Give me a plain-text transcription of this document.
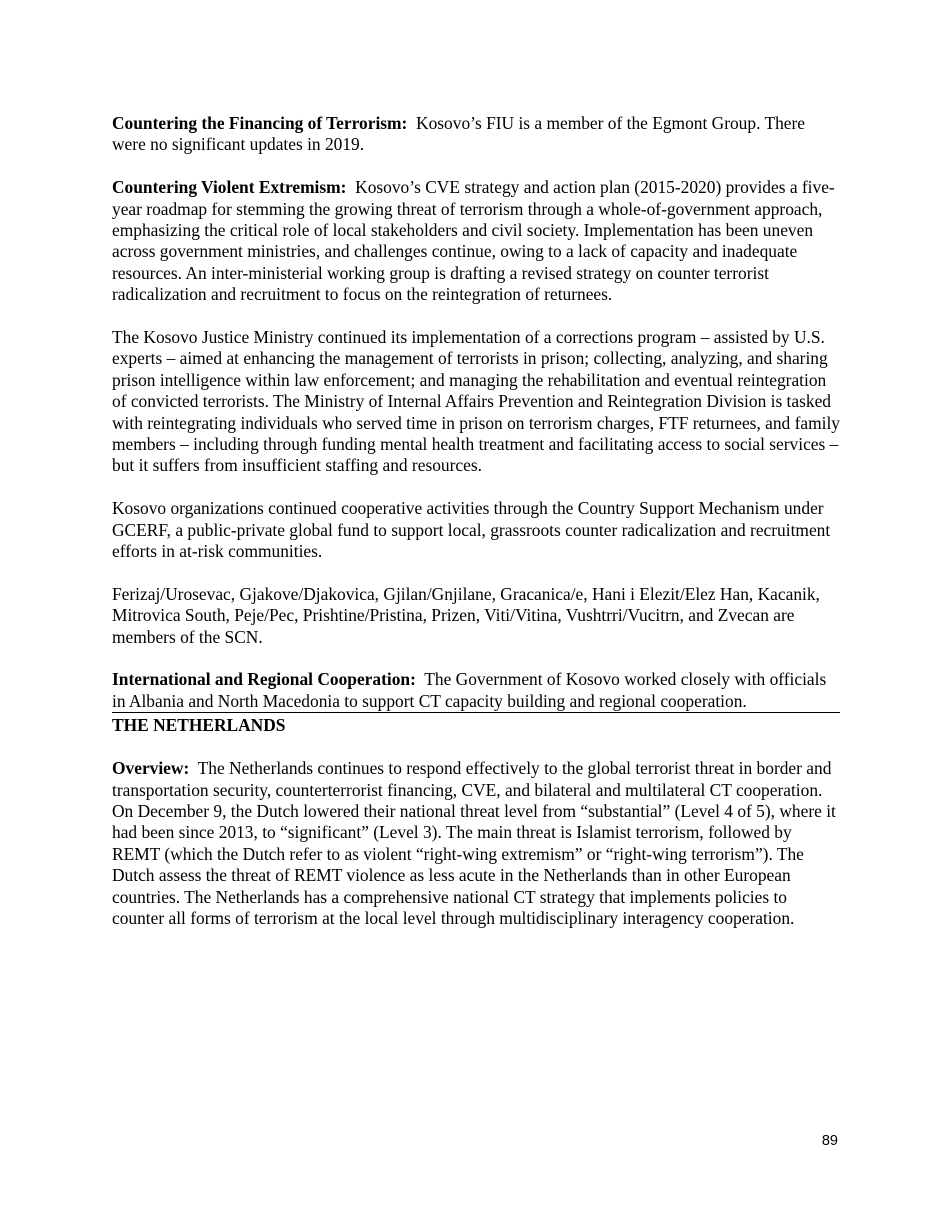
Countering the Financing of Terrorism: Kosovo’s FIU is a member of the Egmont Group. There were no significant updates in 2019.

Countering Violent Extremism: Kosovo’s CVE strategy and action plan (2015-2020) provides a five-year roadmap for stemming the growing threat of terrorism through a whole-of-government approach, emphasizing the critical role of local stakeholders and civil society. Implementation has been uneven across government ministries, and challenges continue, owing to a lack of capacity and inadequate resources. An inter-ministerial working group is drafting a revised strategy on counter terrorist radicalization and recruitment to focus on the reintegration of returnees.

The Kosovo Justice Ministry continued its implementation of a corrections program – assisted by U.S. experts – aimed at enhancing the management of terrorists in prison; collecting, analyzing, and sharing prison intelligence within law enforcement; and managing the rehabilitation and eventual reintegration of convicted terrorists. The Ministry of Internal Affairs Prevention and Reintegration Division is tasked with reintegrating individuals who served time in prison on terrorism charges, FTF returnees, and family members – including through funding mental health treatment and facilitating access to social services – but it suffers from insufficient staffing and resources.

Kosovo organizations continued cooperative activities through the Country Support Mechanism under GCERF, a public-private global fund to support local, grassroots counter radicalization and recruitment efforts in at-risk communities.

Ferizaj/Urosevac, Gjakove/Djakovica, Gjilan/Gnjilane, Gracanica/e, Hani i Elezit/Elez Han, Kacanik, Mitrovica South, Peje/Pec, Prishtine/Pristina, Prizen, Viti/Vitina, Vushtrri/Vucitrn, and Zvecan are members of the SCN.

International and Regional Cooperation: The Government of Kosovo worked closely with officials in Albania and North Macedonia to support CT capacity building and regional cooperation.

THE NETHERLANDS

Overview: The Netherlands continues to respond effectively to the global terrorist threat in border and transportation security, counterterrorist financing, CVE, and bilateral and multilateral CT cooperation. On December 9, the Dutch lowered their national threat level from “substantial” (Level 4 of 5), where it had been since 2013, to “significant” (Level 3). The main threat is Islamist terrorism, followed by REMT (which the Dutch refer to as violent “right-wing extremism” or “right-wing terrorism”). The Dutch assess the threat of REMT violence as less acute in the Netherlands than in other European countries. The Netherlands has a comprehensive national CT strategy that implements policies to counter all forms of terrorism at the local level through multidisciplinary interagency cooperation.

89
